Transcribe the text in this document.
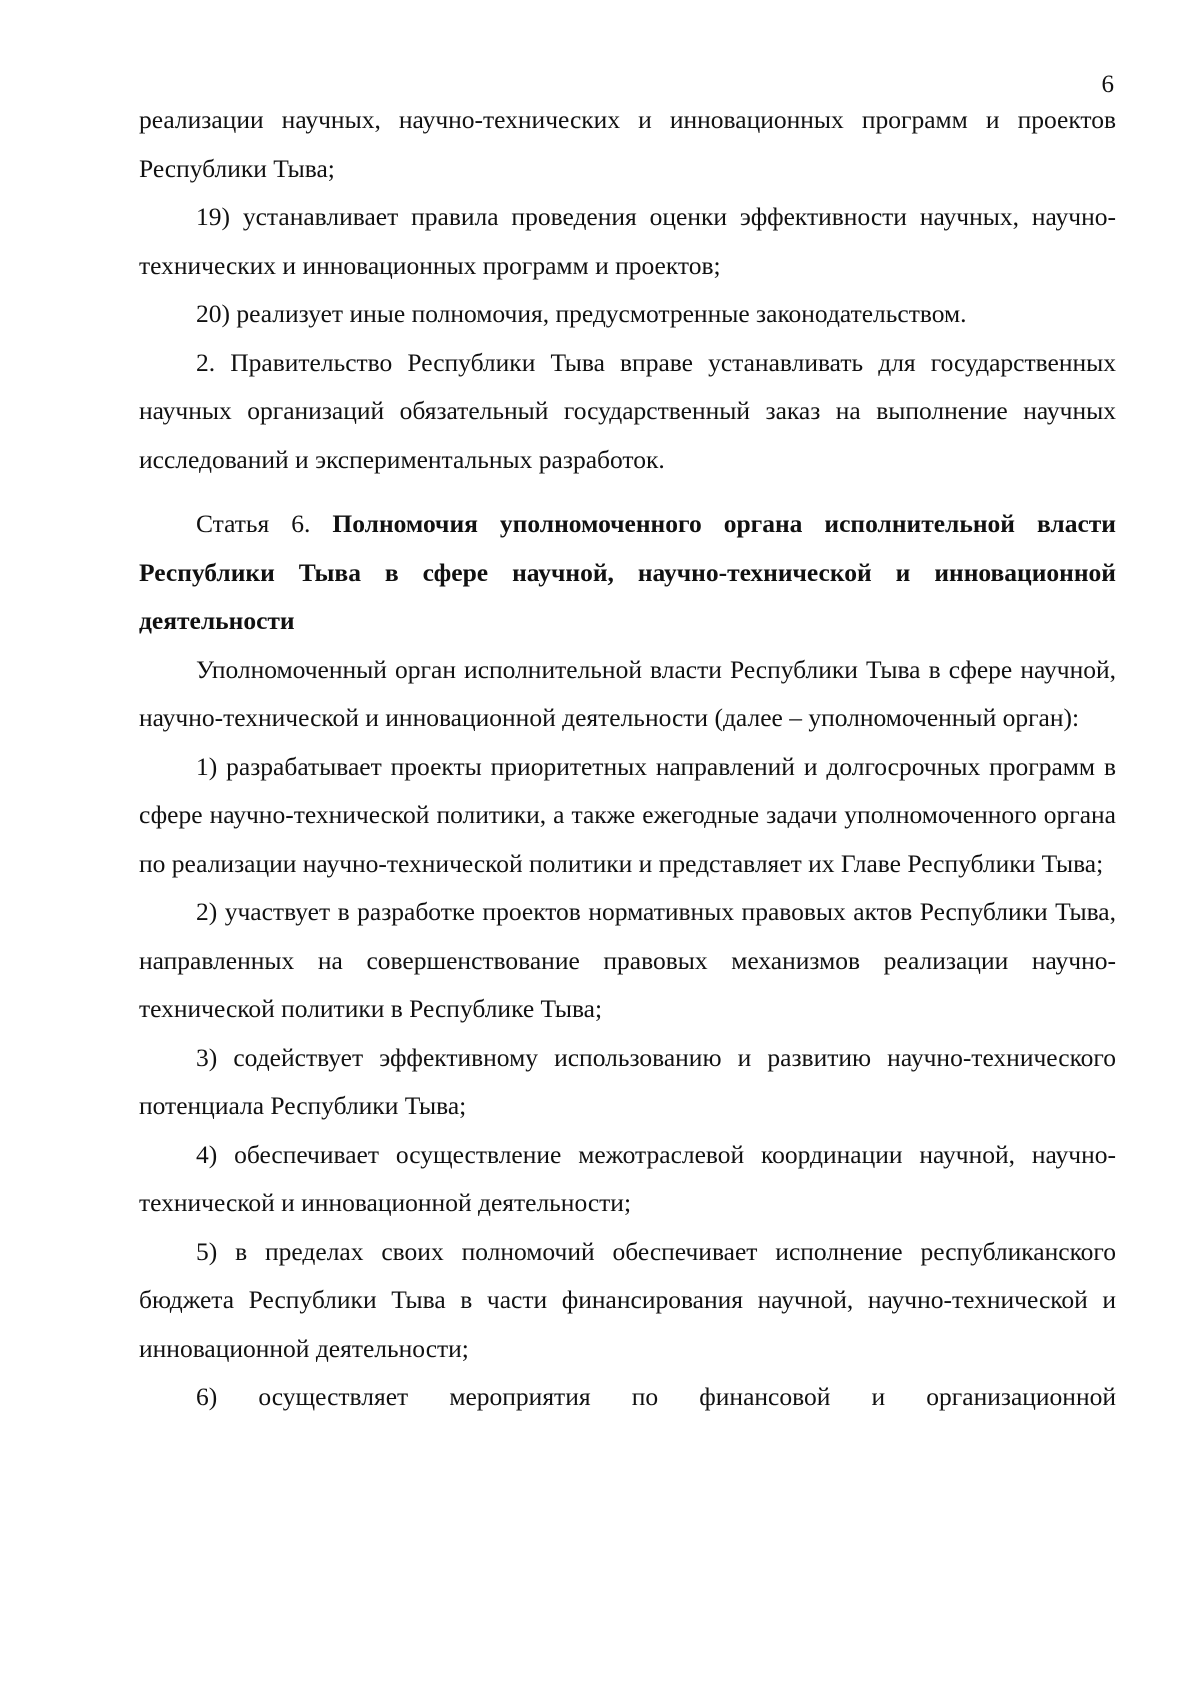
6

реализации научных, научно-технических и инновационных программ и проектов Республики Тыва;

19) устанавливает правила проведения оценки эффективности научных, научно-технических и инновационных программ и проектов;

20) реализует иные полномочия, предусмотренные законодательством.

2. Правительство Республики Тыва вправе устанавливать для государственных научных организаций обязательный государственный заказ на выполнение научных исследований и экспериментальных разработок.

Статья 6. Полномочия уполномоченного органа исполнительной власти Республики Тыва в сфере научной, научно-технической и инновационной деятельности

Уполномоченный орган исполнительной власти Республики Тыва в сфере научной, научно-технической и инновационной деятельности (далее – уполномоченный орган):

1) разрабатывает проекты приоритетных направлений и долгосрочных программ в сфере научно-технической политики, а также ежегодные задачи уполномоченного органа по реализации научно-технической политики и представляет их Главе Республики Тыва;

2) участвует в разработке проектов нормативных правовых актов Республики Тыва, направленных на совершенствование правовых механизмов реализации научно-технической политики в Республике Тыва;

3) содействует эффективному использованию и развитию научно-технического потенциала Республики Тыва;

4) обеспечивает осуществление межотраслевой координации научной, научно-технической и инновационной деятельности;

5) в пределах своих полномочий обеспечивает исполнение республиканского бюджета Республики Тыва в части финансирования научной, научно-технической и инновационной деятельности;

6) осуществляет мероприятия по финансовой и организационной
